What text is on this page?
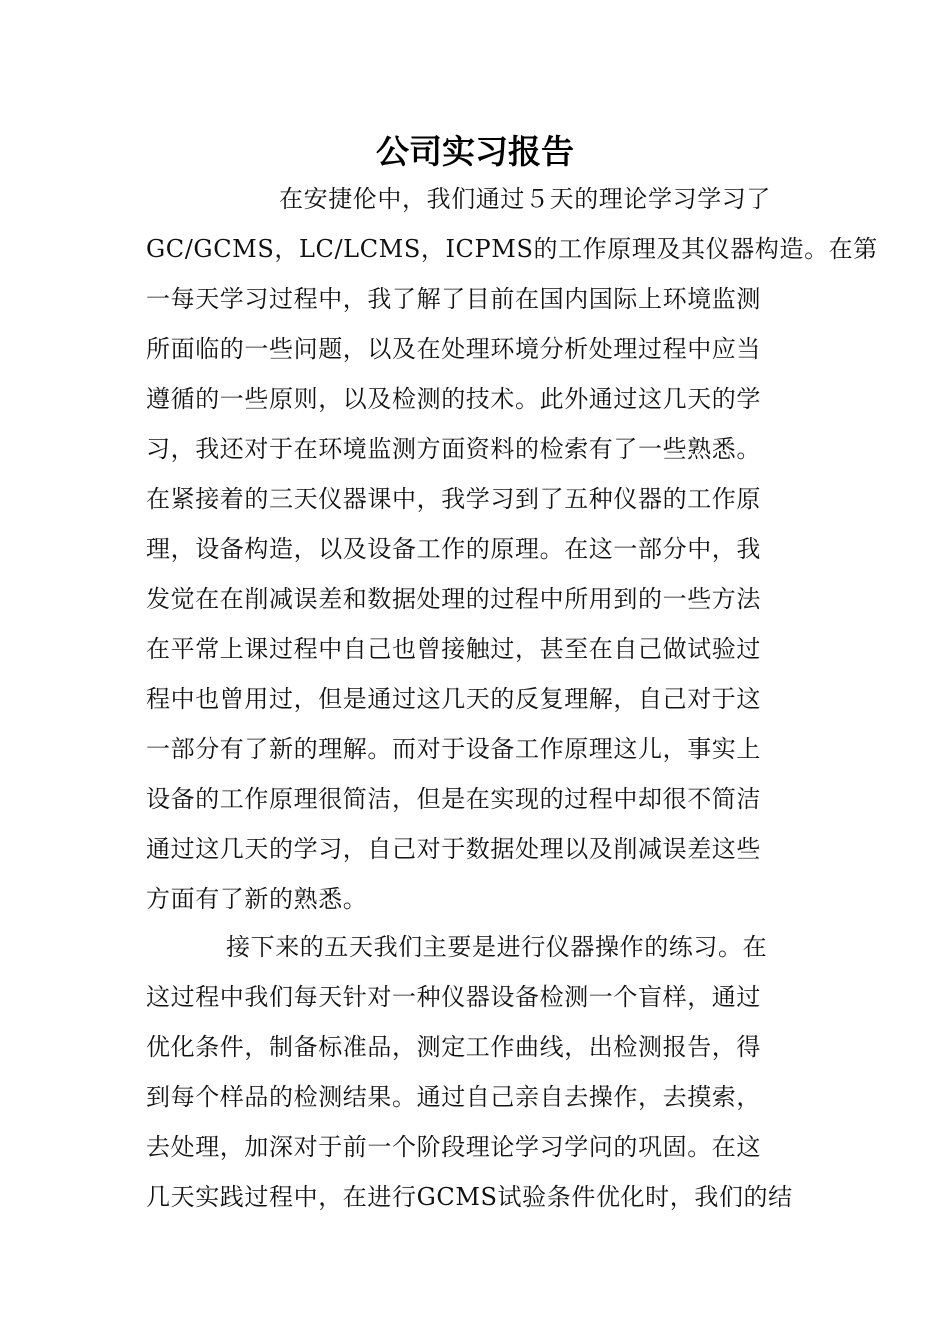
公司实习报告
在安捷伦中，我们通过５天的理论学习学习了
GC/GCMS，LC/LCMS，ICPMS的工作原理及其仪器构造。在第
一每天学习过程中，我了解了目前在国内国际上环境监测
所面临的一些问题，以及在处理环境分析处理过程中应当
遵循的一些原则，以及检测的技术。此外通过这几天的学
习，我还对于在环境监测方面资料的检索有了一些熟悉。
在紧接着的三天仪器课中，我学习到了五种仪器的工作原
理，设备构造，以及设备工作的原理。在这一部分中，我
发觉在在削减误差和数据处理的过程中所用到的一些方法
在平常上课过程中自己也曾接触过，甚至在自己做试验过
程中也曾用过，但是通过这几天的反复理解，自己对于这
一部分有了新的理解。而对于设备工作原理这儿，事实上
设备的工作原理很简洁，但是在实现的过程中却很不简洁
通过这几天的学习，自己对于数据处理以及削减误差这些
方面有了新的熟悉。
接下来的五天我们主要是进行仪器操作的练习。在
这过程中我们每天针对一种仪器设备检测一个盲样，通过
优化条件，制备标准品，测定工作曲线，出检测报告，得
到每个样品的检测结果。通过自己亲自去操作，去摸索，
去处理，加深对于前一个阶段理论学习学问的巩固。在这
几天实践过程中，在进行GCMS试验条件优化时，我们的结
